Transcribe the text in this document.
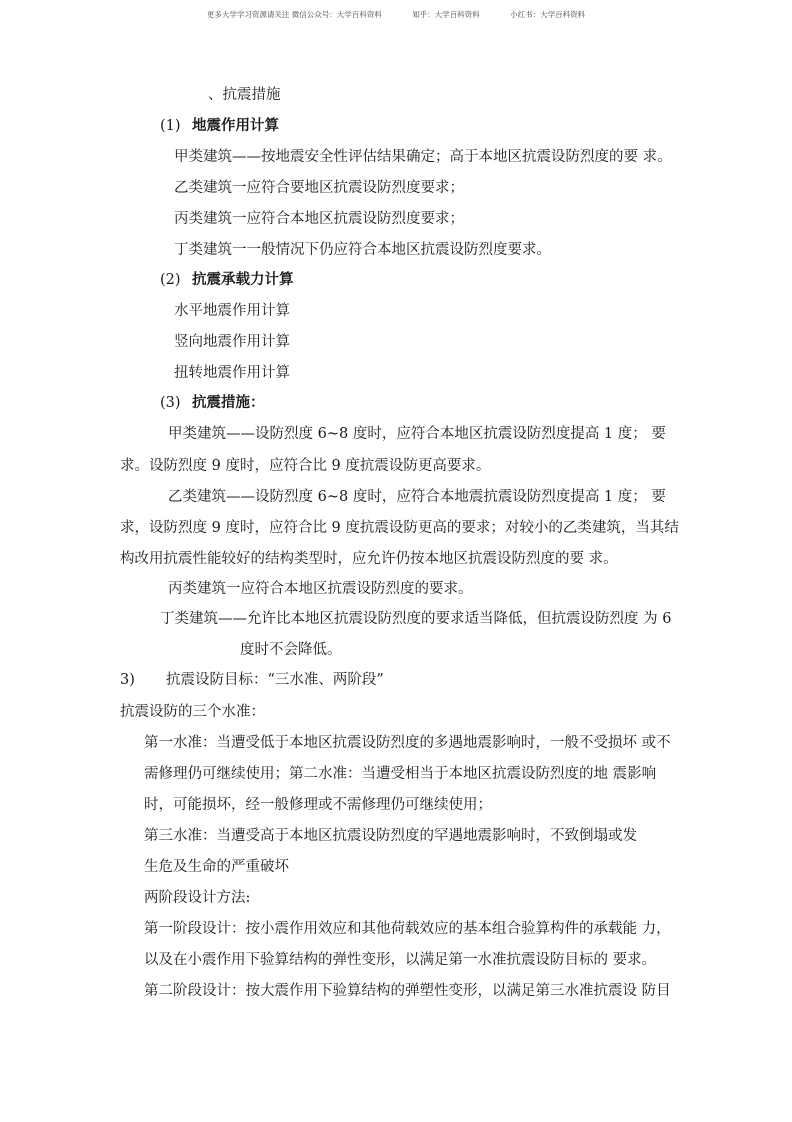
更多大学学习资源请关注 微信公众号：大学百科资料	知乎：大学百科资料	小红书：大学百科资料
、抗震措施
(1) 地震作用计算
甲类建筑——按地震安全性评估结果确定；高于本地区抗震设防烈度的要 求。
乙类建筑一应符合要地区抗震设防烈度要求；
丙类建筑一应符合本地区抗震设防烈度要求；
丁类建筑一一般情况下仍应符合本地区抗震设防烈度要求。
(2) 抗震承载力计算
水平地震作用计算
竖向地震作用计算
扭转地震作用计算
(3) 抗震措施：
甲类建筑——设防烈度 6~8 度时，应符合本地区抗震设防烈度提高 1 度； 要
求。设防烈度 9 度时，应符合比 9 度抗震设防更高要求。
乙类建筑——设防烈度 6~8 度时，应符合本地震抗震设防烈度提高 1 度； 要
求，设防烈度 9 度时，应符合比 9 度抗震设防更高的要求；对较小的乙类建筑，当其结
构改用抗震性能较好的结构类型时，应允许仍按本地区抗震设防烈度的要 求。
丙类建筑一应符合本地区抗震设防烈度的要求。
丁类建筑——允许比本地区抗震设防烈度的要求适当降低，但抗震设防烈度 为 6
度时不会降低。
3) 抗震设防目标：“三水准、两阶段”
抗震设防的三个水准：
第一水准：当遭受低于本地区抗震设防烈度的多遇地震影响时，一般不受损坏 或不
需修理仍可继续使用；第二水准：当遭受相当于本地区抗震设防烈度的地 震影响
时，可能损坏，经一般修理或不需修理仍可继续使用；
第三水准：当遭受高于本地区抗震设防烈度的罕遇地震影响时，不致倒塌或发
生危及生命的严重破坏
两阶段设计方法:
第一阶段设计：按小震作用效应和其他荷载效应的基本组合验算构件的承载能 力，
以及在小震作用下验算结构的弹性变形，以满足第一水准抗震设防目标的 要求。
第二阶段设计：按大震作用下验算结构的弹塑性变形，以满足第三水准抗震设 防目
